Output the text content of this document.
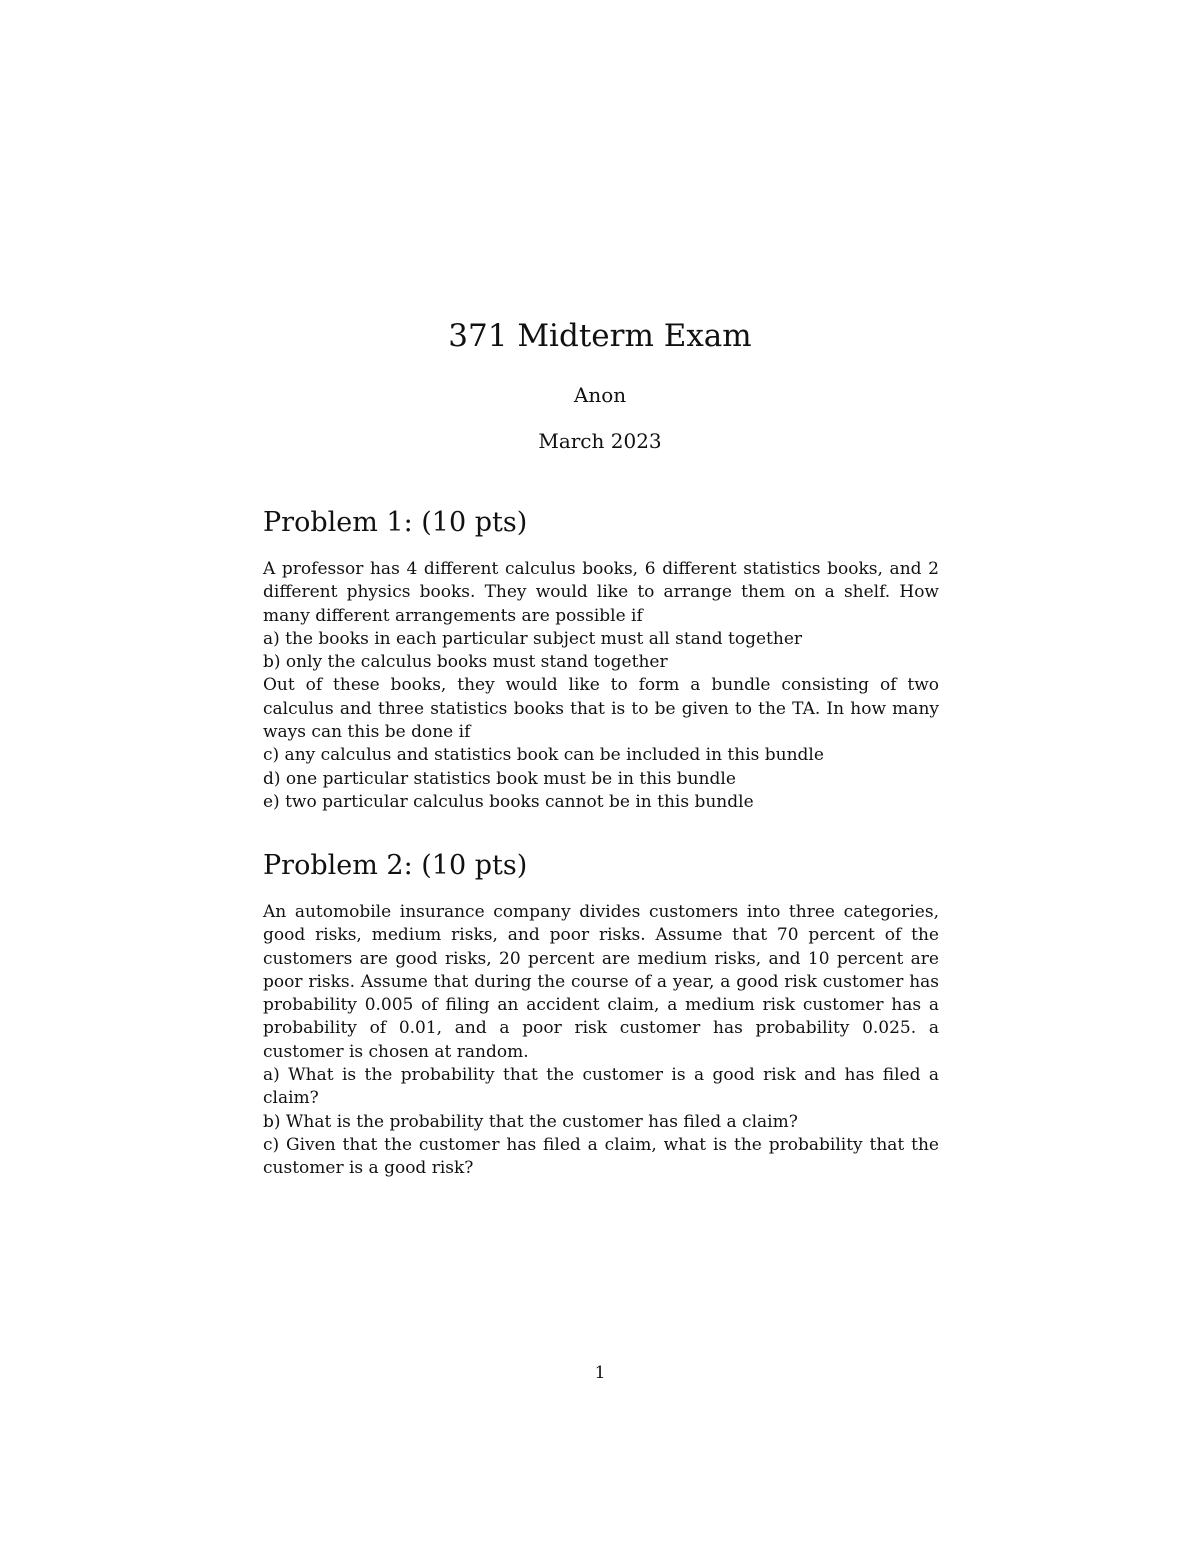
371 Midterm Exam
Anon
March 2023
Problem 1: (10 pts)
A professor has 4 different calculus books, 6 different statistics books, and 2 different physics books. They would like to arrange them on a shelf. How many different arrangements are possible if
a) the books in each particular subject must all stand together
b) only the calculus books must stand together
Out of these books, they would like to form a bundle consisting of two calculus and three statistics books that is to be given to the TA. In how many ways can this be done if
c) any calculus and statistics book can be included in this bundle
d) one particular statistics book must be in this bundle
e) two particular calculus books cannot be in this bundle
Problem 2: (10 pts)
An automobile insurance company divides customers into three categories, good risks, medium risks, and poor risks. Assume that 70 percent of the customers are good risks, 20 percent are medium risks, and 10 percent are poor risks. Assume that during the course of a year, a good risk customer has probability 0.005 of filing an accident claim, a medium risk customer has a probability of 0.01, and a poor risk customer has probability 0.025. a customer is chosen at random.
a) What is the probability that the customer is a good risk and has filed a claim?
b) What is the probability that the customer has filed a claim?
c) Given that the customer has filed a claim, what is the probability that the customer is a good risk?
1
